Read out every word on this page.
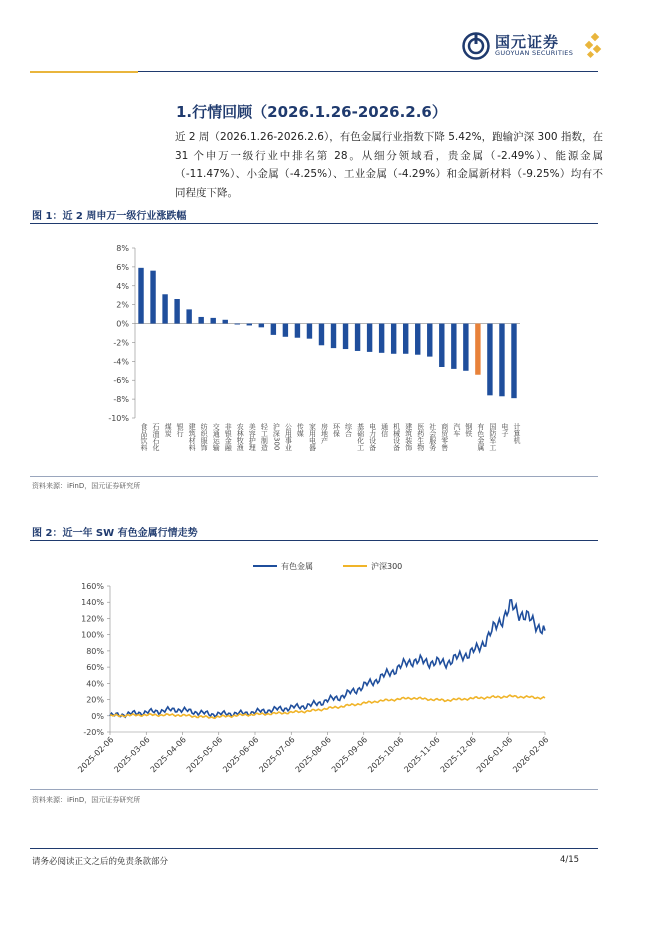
国元证券
GUOYUAN SECURITIES
1.行情回顾（2026.1.26-2026.2.6）
近 2 周（2026.1.26-2026.2.6），有色金属行业指数下降 5.42%，跑输沪深 300 指数，在 31 个申万一级行业中排名第 28。从细分领域看，贵金属（-2.49%）、能源金属（-11.47%）、小金属（-4.25%）、工业金属（-4.29%）和金属新材料（-9.25%）均有不同程度下降。
图 1：近 2 周申万一级行业涨跌幅
8%
6%
4%
2%
0%
-2%
-4%
-6%
-8%
-10%
食品饮料 石油石化 煤炭 银行 建筑材料 纺织服饰 交通运输 非银金融 农林牧渔 美容护理 轻工制造 沪深300 公用事业 传媒 家用电器 房地产 环保 综合 基础化工 电力设备 通信 机械设备 建筑装饰 医药生物 社会服务 商贸零售 汽车 钢铁 有色金属 国防军工 电子 计算机
资料来源：iFinD，国元证券研究所
图 2：近一年 SW 有色金属行情走势
有色金属	沪深300
160%
140%
120%
100%
80%
60%
40%
20%
0%
-20%
2025-02-06
2025-03-06
2025-04-06
2025-05-06
2025-06-06
2025-07-06
2025-08-06
2025-09-06
2025-10-06
2025-11-06
2025-12-06
2026-01-06
2026-02-06
资料来源：iFinD，国元证券研究所
请务必阅读正文之后的免责条款部分	4/15
